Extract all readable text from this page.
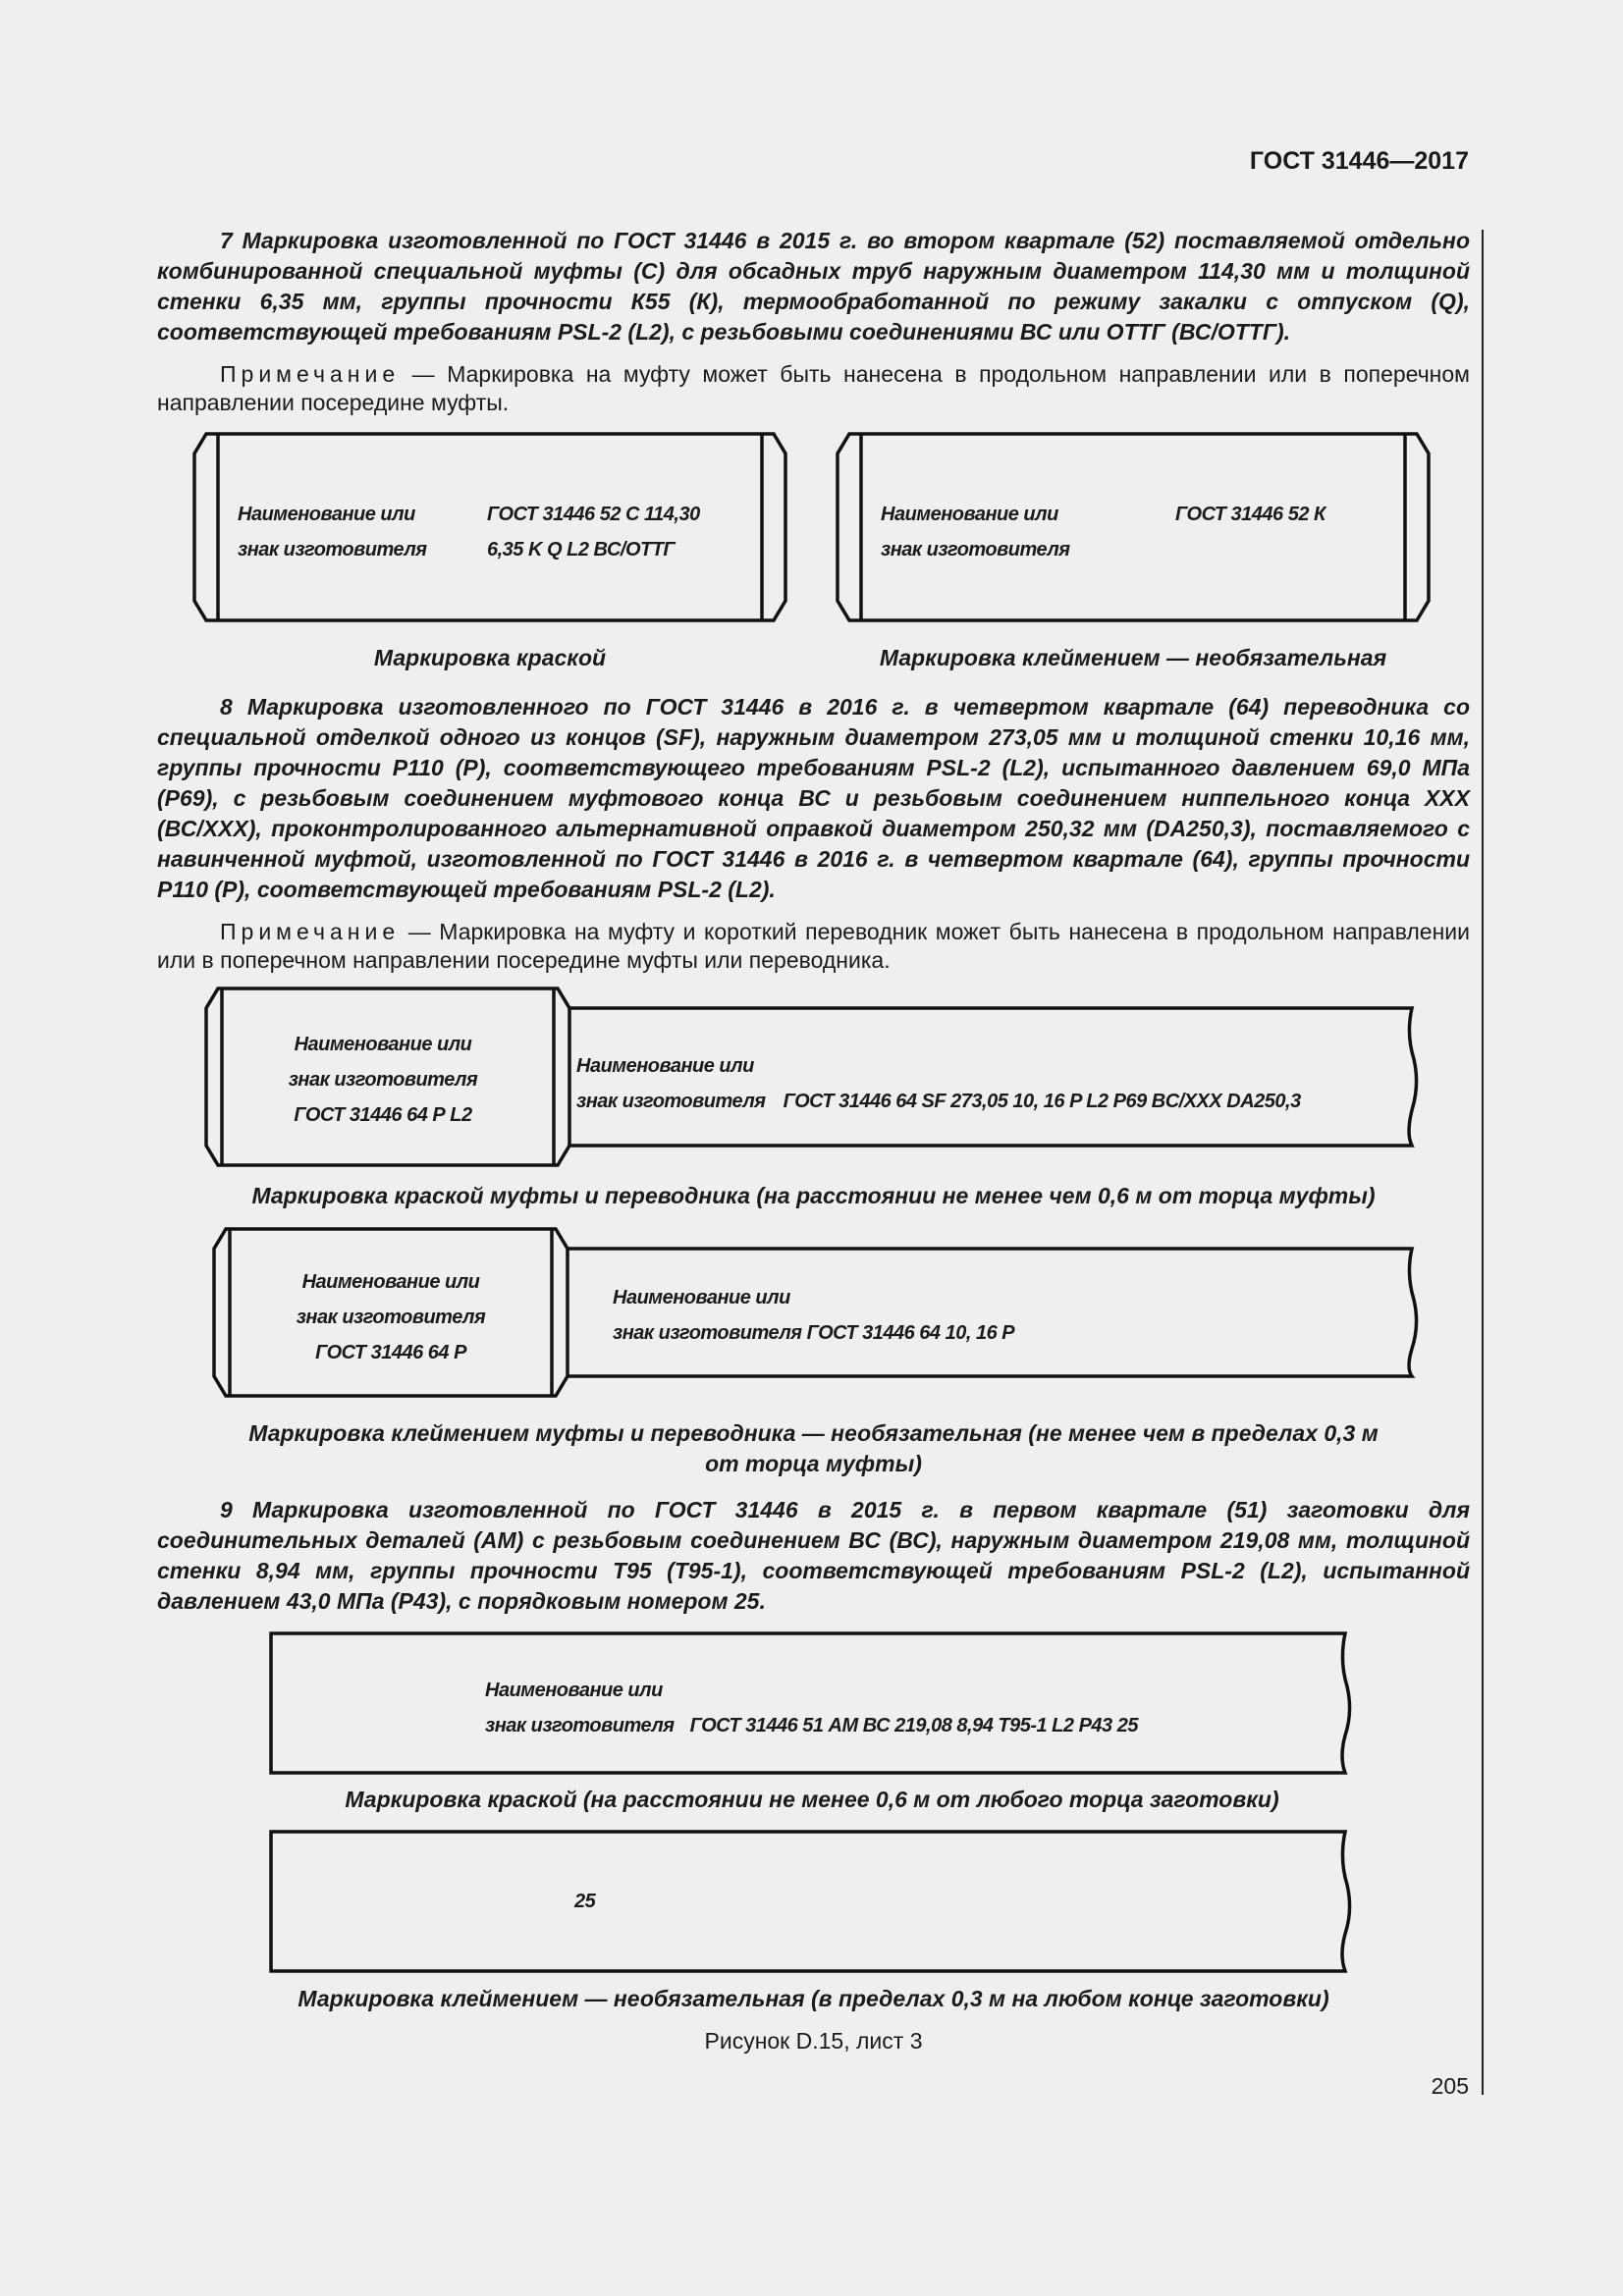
ГОСТ 31446—2017
7 Маркировка изготовленной по ГОСТ 31446 в 2015 г. во втором квартале (52) поставляемой отдельно комбинированной специальной муфты (C) для обсадных труб наружным диаметром 114,30 мм и толщиной стенки 6,35 мм, группы прочности К55 (К), термообработанной по режиму закалки с отпуском (Q), соответствующей требованиям PSL-2 (L2), с резьбовыми соединениями ВС или ОТТГ (ВС/ОТТГ).
Примечание — Маркировка на муфту может быть нанесена в продольном направлении или в поперечном направлении посередине муфты.
Наименование или
знак изготовителя
ГОСТ 31446 52 C 114,30
6,35 K Q L2 ВС/ОТТГ
Маркировка краской
Наименование или
знак изготовителя
ГОСТ 31446 52 К
Маркировка клеймением — необязательная
8 Маркировка изготовленного по ГОСТ 31446 в 2016 г. в четвертом квартале (64) переводника со специальной отделкой одного из концов (SF), наружным диаметром 273,05 мм и толщиной стенки 10,16 мм, группы прочности Р110 (Р), соответствующего требованиям PSL-2 (L2), испытанного давлением 69,0 МПа (Р69), с резьбовым соединением муфтового конца ВС и резьбовым соединением ниппельного конца XXX (ВС/XXX), проконтролированного альтернативной оправкой диаметром 250,32 мм (DA250,3), поставляемого с навинченной муфтой, изготовленной по ГОСТ 31446 в 2016 г. в четвертом квартале (64), группы прочности Р110 (Р), соответствующей требованиям PSL-2 (L2).
Примечание — Маркировка на муфту и короткий переводник может быть нанесена в продольном направлении или в поперечном направлении посередине муфты или переводника.
Наименование или
знак изготовителя
ГОСТ 31446 64 Р L2
Наименование или
знак изготовителя ГОСТ 31446 64 SF 273,05 10, 16 P L2 P69 BC/XXX DA250,3
Маркировка краской муфты и переводника (на расстоянии не менее чем 0,6 м от торца муфты)
Наименование или
знак изготовителя
ГОСТ 31446 64 Р
Наименование или
знак изготовителя ГОСТ 31446 64 10, 16 Р
Маркировка клеймением муфты и переводника — необязательная (не менее чем в пределах 0,3 м
от торца муфты)
9 Маркировка изготовленной по ГОСТ 31446 в 2015 г. в первом квартале (51) заготовки для соединительных деталей (AM) с резьбовым соединением ВС (ВС), наружным диаметром 219,08 мм, толщиной стенки 8,94 мм, группы прочности Т95 (Т95-1), соответствующей требованиям PSL-2 (L2), испытанной давлением 43,0 МПа (Р43), с порядковым номером 25.
Наименование или
знак изготовителя ГОСТ 31446 51 АМ ВС 219,08 8,94 Т95-1 L2 Р43 25
Маркировка краской (на расстоянии не менее 0,6 м от любого торца заготовки)
25
Маркировка клеймением — необязательная (в пределах 0,3 м на любом конце заготовки)
Рисунок D.15, лист 3
205
